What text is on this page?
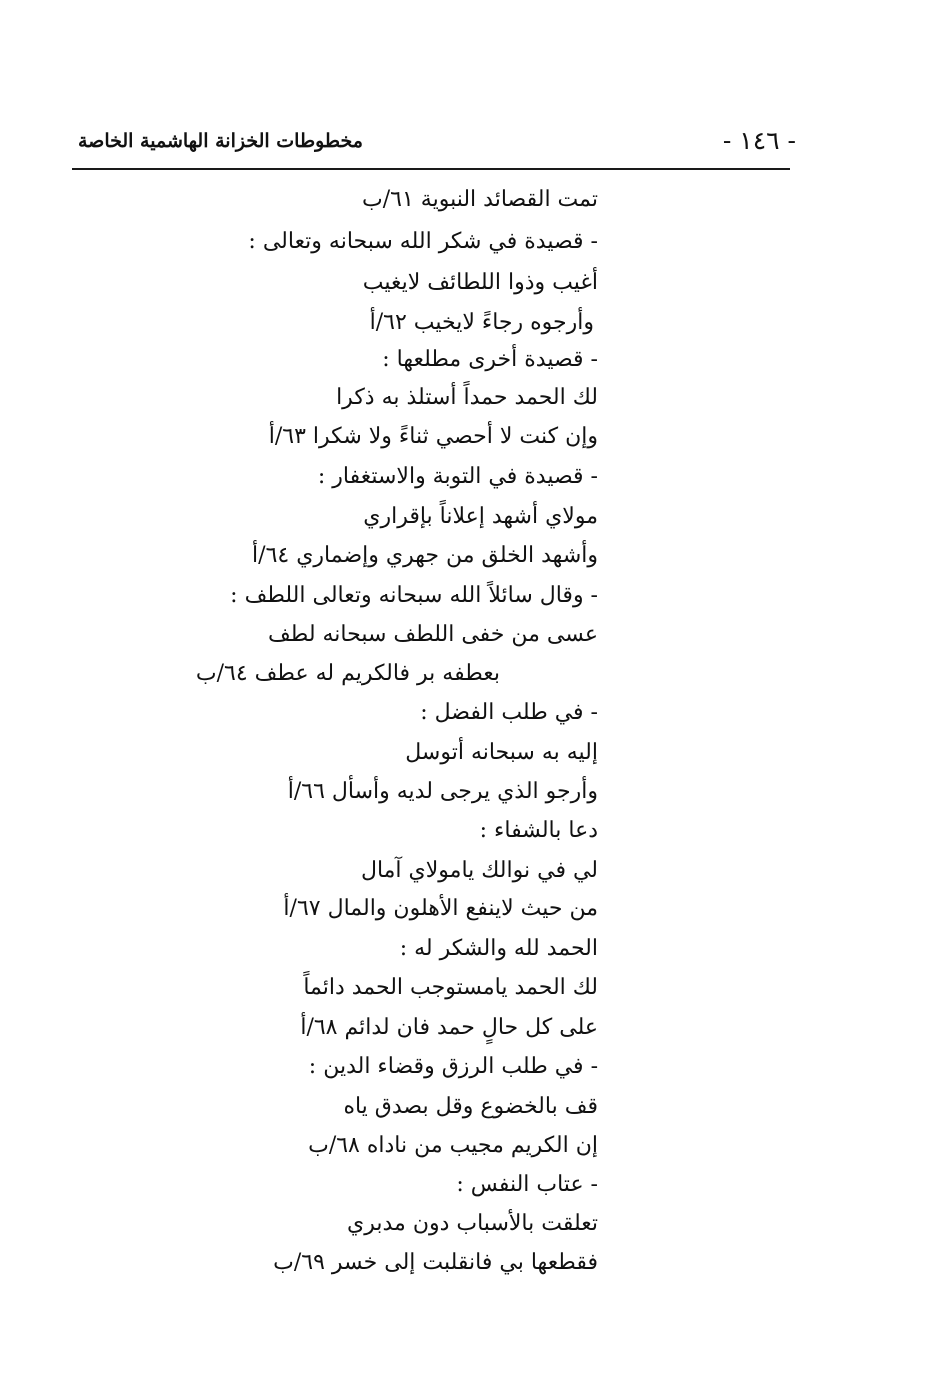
- ١٤٦ -
مخطوطات الخزانة الهاشمية الخاصة
تمت القصائد النبوية ٦١/ب
- قصيدة في شكر الله سبحانه وتعالى :
أغيب وذوا اللطائف لايغيب
وأرجوه رجاءً لايخيب ٦٢/أ
- قصيدة أخرى مطلعها :
لك الحمد حمداً أستلذ به ذكرا
وإن كنت لا أحصي ثناءً ولا شكرا ٦٣/أ
- قصيدة في التوبة والاستغفار :
مولاي أشهد إعلاناً بإقراري
وأشهد الخلق من جهري وإضماري ٦٤/أ
- وقال سائلاً الله سبحانه وتعالى اللطف :
عسى من خفى اللطف سبحانه لطف
بعطفه بر فالكريم له عطف ٦٤/ب
- في طلب الفضل :
إليه به سبحانه أتوسل
وأرجو الذي يرجى لديه وأسأل ٦٦/أ
دعا بالشفاء :
لي في نوالك يامولاي آمال
من حيث لاينفع الأهلون والمال ٦٧/أ
الحمد لله والشكر له :
لك الحمد يامستوجب الحمد دائماً
على كل حالٍ حمد فان لدائم ٦٨/أ
- في طلب الرزق وقضاء الدين :
قف بالخضوع وقل بصدق ياه
إن الكريم مجيب من ناداه ٦٨/ب
- عتاب النفس :
تعلقت بالأسباب دون مدبري
فقطعها بي فانقلبت إلى خسر ٦٩/ب
